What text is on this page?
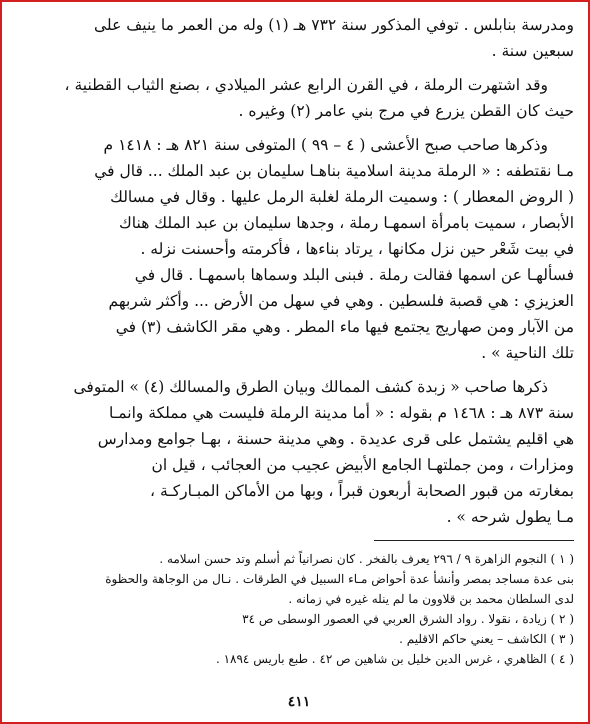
ومدرسة بنابلس . توفي المذكور سنة ٧٣٢ هـ (١) وله من العمر ما ينيف على
سبعين سنة .
وقد اشتهرت الرملة ، في القرن الرابع عشر الميلادي ، بصنع الثياب القطنية ،
حيث كان القطن يزرع في مرج بني عامر (٢) وغيره .
وذكرها صاحب صبح الأعشى ( ٤ – ٩٩ ) المتوفى سنة ٨٢١ هـ : ١٤١٨ م
مـا نقتطفه : « الرملة مدينة اسلامية بناهـا سليمان بن عبد الملك ... قال في
( الروض المعطار ) : وسميت الرملة لغلبة الرمل عليها . وقال في مسالك
الأبصار ، سميت بامرأة اسمهـا رملة ، وجدها سليمان بن عبد الملك هناك
في بيت شَعْر حين نزل مكانها ، يرتاد بناءها ، فأكرمته وأحسنت نزله .
فسألهـا عن اسمها فقالت رملة . فبنى البلد وسماها باسمهـا . قال في
العزيزي : هي قصبة فلسطين . وهي في سهل من الأرض ... وأكثر شربهم
من الآبار ومن صهاريج يجتمع فيها ماء المطر . وهي مقر الكاشف (٣) في
تلك الناحية » .
ذكرها صاحب « زبدة كشف الممالك وبيان الطرق والمسالك (٤) » المتوفى
سنة ٨٧٣ هـ : ١٤٦٨ م بقوله : « أما مدينة الرملة فليست هي مملكة وانمـا
هي اقليم يشتمل على قرى عديدة . وهي مدينة حسنة ، بهـا جوامع ومدارس
ومزارات ، ومن جملتهـا الجامع الأبيض عجيب من العجائب ، قيل ان
بمغارته من قبور الصحابة أربعون قبراً ، وبها من الأماكن المبـاركـة ،
مـا يطول شرحه » .
( ١ ) النجوم الزاهرة ٩ / ٢٩٦ يعرف بالفخر . كان نصرانياً ثم أسلم وتد حسن اسلامه .
بنى عدة مساجد بمصر وأنشأ عدة أحواض مـاء السبيل في الطرقات . نـال من الوجاهة والحظوة
لدى السلطان محمد بن قلاوون ما لم ينله غيره في زمانه .
( ٢ ) زيادة ، نقولا . رواد الشرق العربي في العصور الوسطى ص ٣٤
( ٣ ) الكاشف – يعني حاكم الاقليم .
( ٤ ) الظاهري ، غرس الدين خليل بن شاهين ص ٤٢ . طبع باريس ١٨٩٤ .
٤١١
